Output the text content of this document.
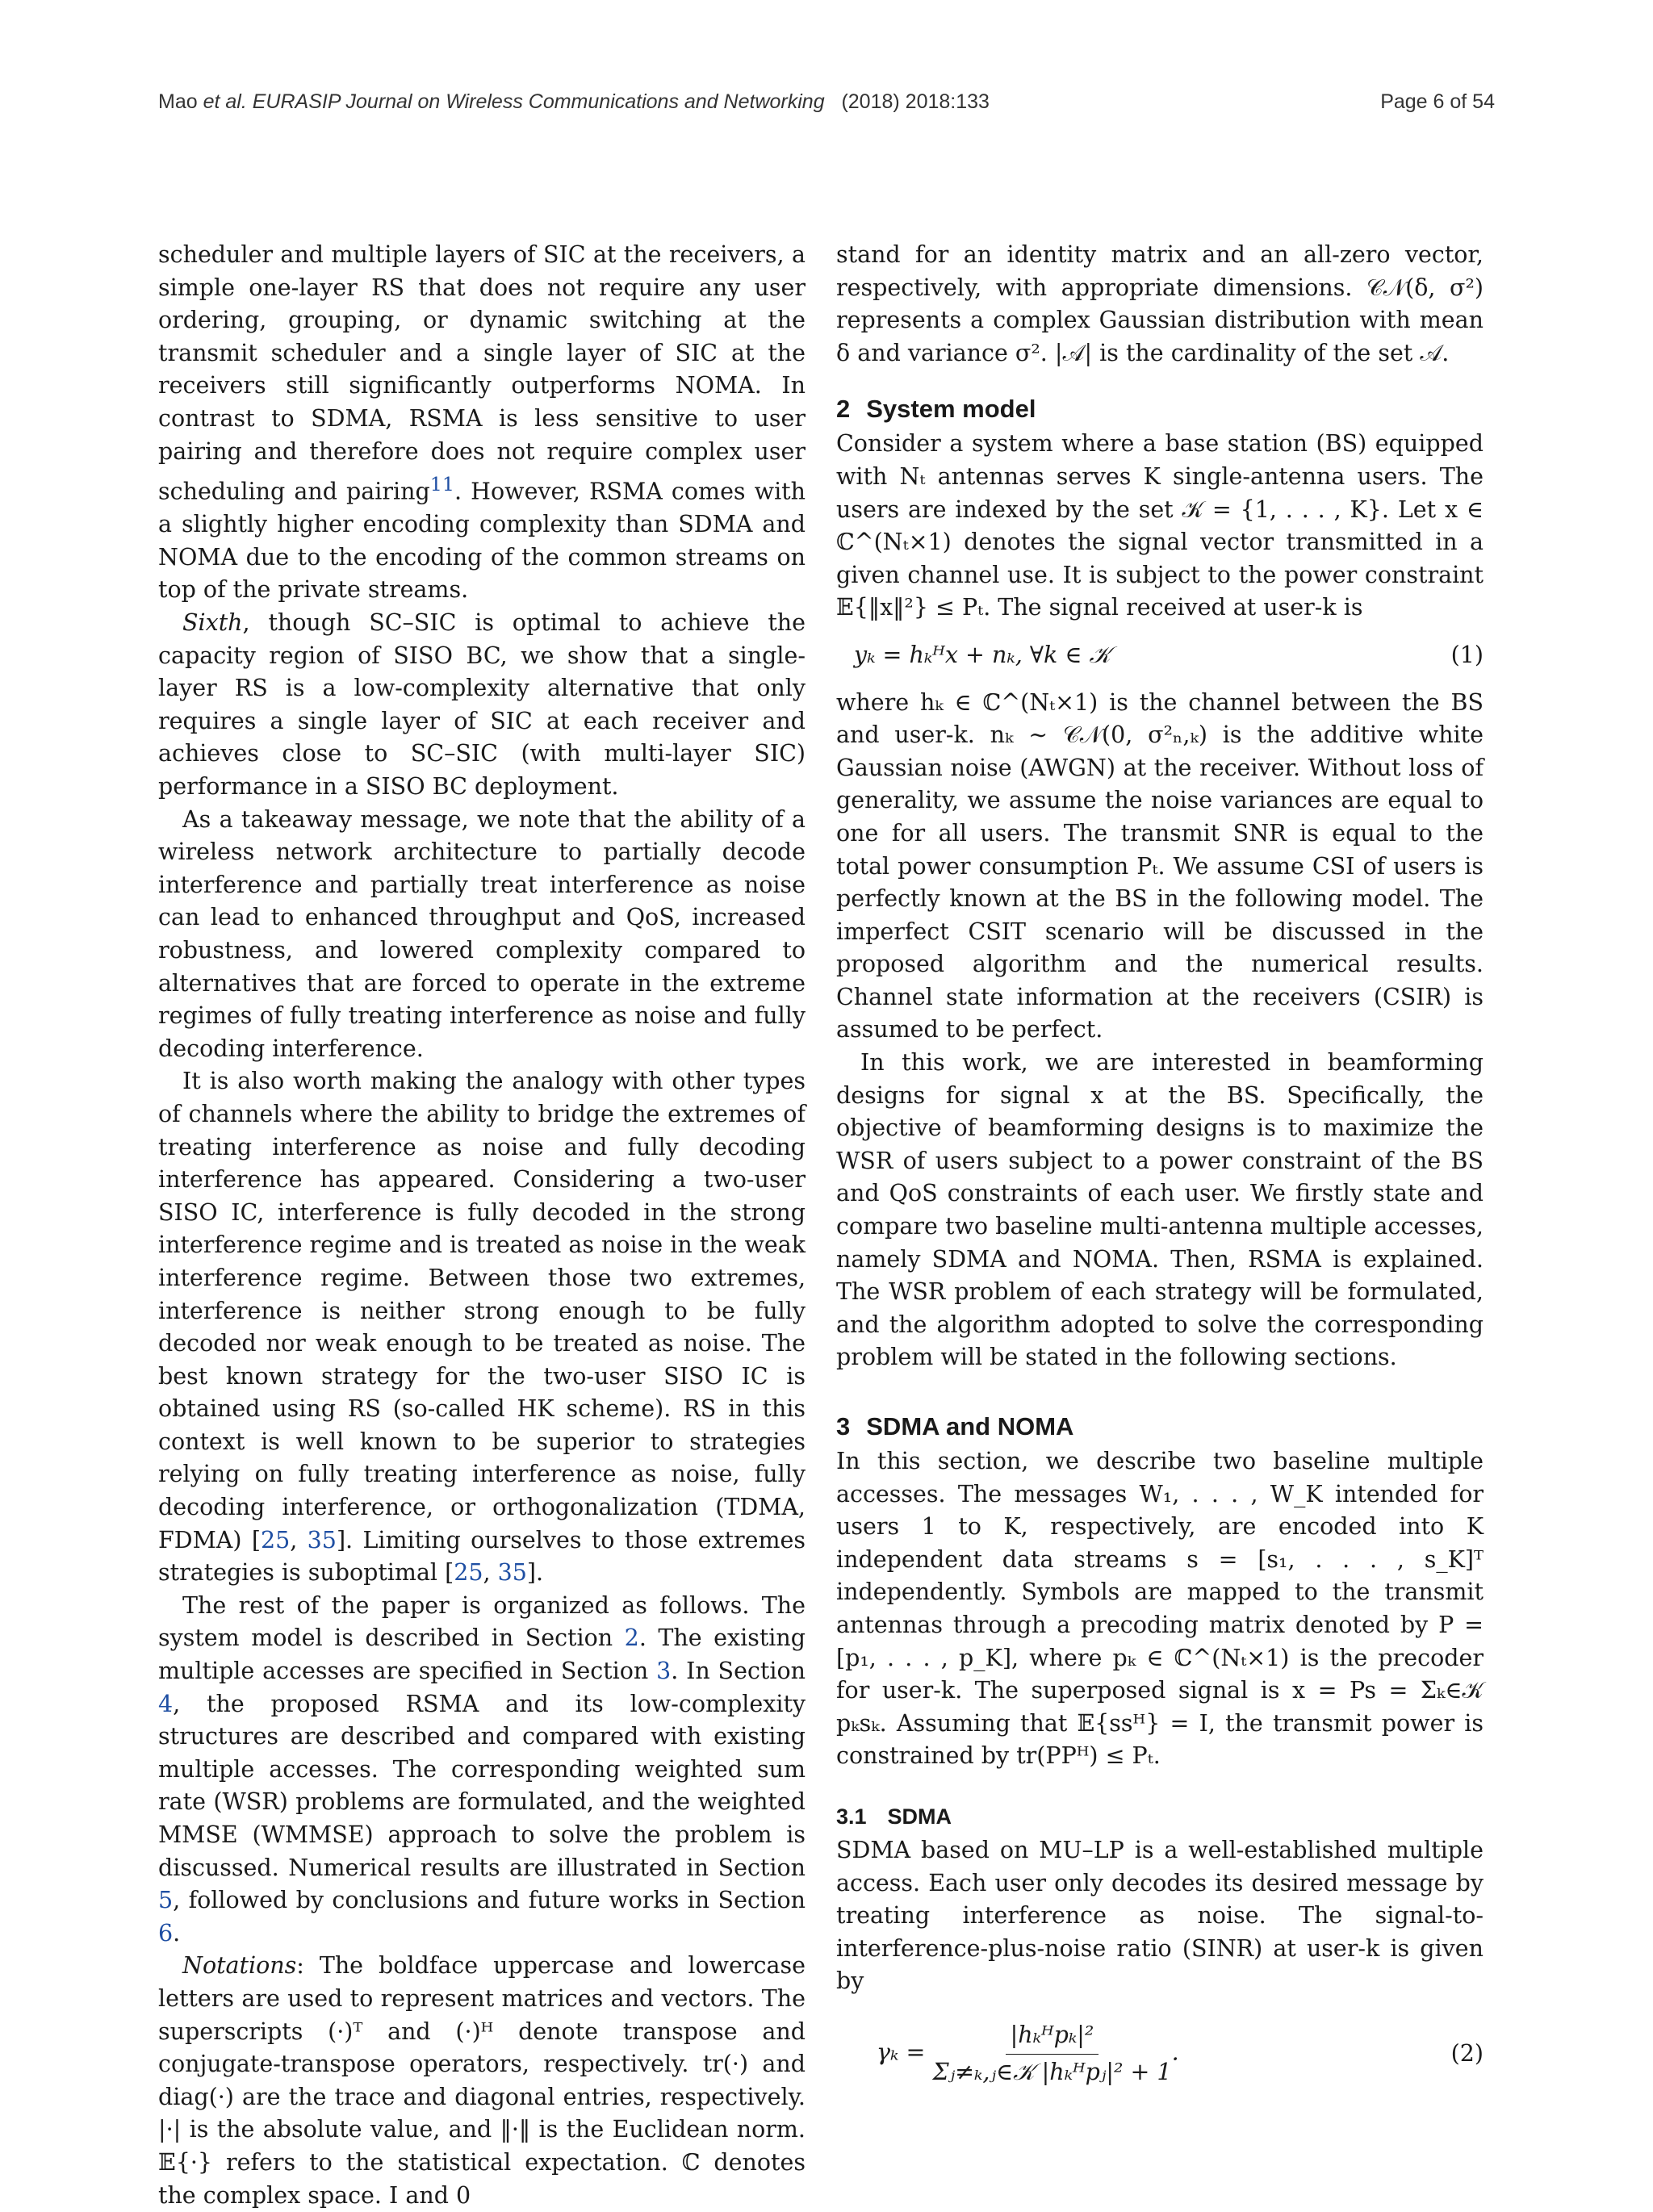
Mao et al. EURASIP Journal on Wireless Communications and Networking (2018) 2018:133	Page 6 of 54

scheduler and multiple layers of SIC at the receivers, a simple one-layer RS that does not require any user ordering, grouping, or dynamic switching at the transmit scheduler and a single layer of SIC at the receivers still significantly outperforms NOMA. In contrast to SDMA, RSMA is less sensitive to user pairing and therefore does not require complex user scheduling and pairing$^{11}$. However, RSMA comes with a slightly higher encoding complexity than SDMA and NOMA due to the encoding of the common streams on top of the private streams.

Sixth, though SC–SIC is optimal to achieve the capacity region of SISO BC, we show that a single-layer RS is a low-complexity alternative that only requires a single layer of SIC at each receiver and achieves close to SC–SIC (with multi-layer SIC) performance in a SISO BC deployment.

As a takeaway message, we note that the ability of a wireless network architecture to partially decode interference and partially treat interference as noise can lead to enhanced throughput and QoS, increased robustness, and lowered complexity compared to alternatives that are forced to operate in the extreme regimes of fully treating interference as noise and fully decoding interference.

It is also worth making the analogy with other types of channels where the ability to bridge the extremes of treating interference as noise and fully decoding interference has appeared. Considering a two-user SISO IC, interference is fully decoded in the strong interference regime and is treated as noise in the weak interference regime. Between those two extremes, interference is neither strong enough to be fully decoded nor weak enough to be treated as noise. The best known strategy for the two-user SISO IC is obtained using RS (so-called HK scheme). RS in this context is well known to be superior to strategies relying on fully treating interference as noise, fully decoding interference, or orthogonalization (TDMA, FDMA) [25, 35]. Limiting ourselves to those extremes strategies is suboptimal [25, 35].

The rest of the paper is organized as follows. The system model is described in Section 2. The existing multiple accesses are specified in Section 3. In Section 4, the proposed RSMA and its low-complexity structures are described and compared with existing multiple accesses. The corresponding weighted sum rate (WSR) problems are formulated, and the weighted MMSE (WMMSE) approach to solve the problem is discussed. Numerical results are illustrated in Section 5, followed by conclusions and future works in Section 6.

Notations: The boldface uppercase and lowercase letters are used to represent matrices and vectors. The superscripts (·)ᵀ and (·)ᴴ denote transpose and conjugate-transpose operators, respectively. tr(·) and diag(·) are the trace and diagonal entries, respectively. |·| is the absolute value, and ‖·‖ is the Euclidean norm. 𝔼{·} refers to the statistical expectation. ℂ denotes the complex space. I and 0

stand for an identity matrix and an all-zero vector, respectively, with appropriate dimensions. 𝒞𝒩(δ, σ²) represents a complex Gaussian distribution with mean δ and variance σ². |𝒜| is the cardinality of the set 𝒜.

2 System model

Consider a system where a base station (BS) equipped with Nₜ antennas serves K single-antenna users. The users are indexed by the set 𝒦 = {1, . . . , K}. Let x ∈ ℂ^(Nₜ×1) denotes the signal vector transmitted in a given channel use. It is subject to the power constraint 𝔼{‖x‖²} ≤ Pₜ. The signal received at user-k is

yₖ = hₖᴴx + nₖ, ∀k ∈ 𝒦	(1)

where hₖ ∈ ℂ^(Nₜ×1) is the channel between the BS and user-k. nₖ ∼ 𝒞𝒩(0, σ²ₙ,ₖ) is the additive white Gaussian noise (AWGN) at the receiver. Without loss of generality, we assume the noise variances are equal to one for all users. The transmit SNR is equal to the total power consumption Pₜ. We assume CSI of users is perfectly known at the BS in the following model. The imperfect CSIT scenario will be discussed in the proposed algorithm and the numerical results. Channel state information at the receivers (CSIR) is assumed to be perfect.

In this work, we are interested in beamforming designs for signal x at the BS. Specifically, the objective of beamforming designs is to maximize the WSR of users subject to a power constraint of the BS and QoS constraints of each user. We firstly state and compare two baseline multi-antenna multiple accesses, namely SDMA and NOMA. Then, RSMA is explained. The WSR problem of each strategy will be formulated, and the algorithm adopted to solve the corresponding problem will be stated in the following sections.

3 SDMA and NOMA

In this section, we describe two baseline multiple accesses. The messages W₁, . . . , W_K intended for users 1 to K, respectively, are encoded into K independent data streams s = [s₁, . . . , s_K]ᵀ independently. Symbols are mapped to the transmit antennas through a precoding matrix denoted by P = [p₁, . . . , p_K], where pₖ ∈ ℂ^(Nₜ×1) is the precoder for user-k. The superposed signal is x = Ps = Σₖ∈𝒦 pₖsₖ. Assuming that 𝔼{ssᴴ} = I, the transmit power is constrained by tr(PPᴴ) ≤ Pₜ.

3.1 SDMA

SDMA based on MU–LP is a well-established multiple access. Each user only decodes its desired message by treating interference as noise. The signal-to-interference-plus-noise ratio (SINR) at user-k is given by

$\gamma_k = \frac{\text{|hₖᴴpₖ|²}}{\text{Σⱼ≠ₖ,ⱼ∈𝒦 |hₖᴴpⱼ|² + 1}}$ .	(2)
